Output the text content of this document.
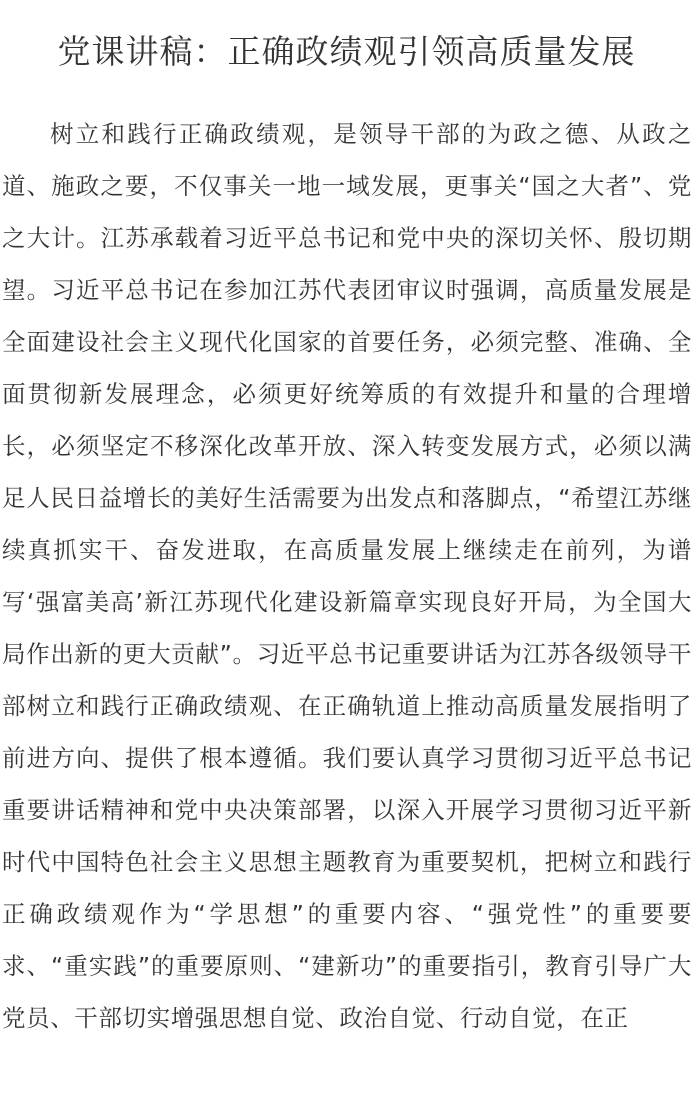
党课讲稿：正确政绩观引领高质量发展

树立和践行正确政绩观，是领导干部的为政之德、从政之道、施政之要，不仅事关一地一域发展，更事关“国之大者”、党之大计。江苏承载着习近平总书记和党中央的深切关怀、殷切期望。习近平总书记在参加江苏代表团审议时强调，高质量发展是全面建设社会主义现代化国家的首要任务，必须完整、准确、全面贯彻新发展理念，必须更好统筹质的有效提升和量的合理增长，必须坚定不移深化改革开放、深入转变发展方式，必须以满足人民日益增长的美好生活需要为出发点和落脚点，“希望江苏继续真抓实干、奋发进取，在高质量发展上继续走在前列，为谱写‘强富美高’新江苏现代化建设新篇章实现良好开局，为全国大局作出新的更大贡献”。习近平总书记重要讲话为江苏各级领导干部树立和践行正确政绩观、在正确轨道上推动高质量发展指明了前进方向、提供了根本遵循。我们要认真学习贯彻习近平总书记重要讲话精神和党中央决策部署，以深入开展学习贯彻习近平新时代中国特色社会主义思想主题教育为重要契机，把树立和践行正确政绩观作为“学思想”的重要内容、“强党性”的重要要求、“重实践”的重要原则、“建新功”的重要指引，教育引导广大党员、干部切实增强思想自觉、政治自觉、行动自觉，在正
